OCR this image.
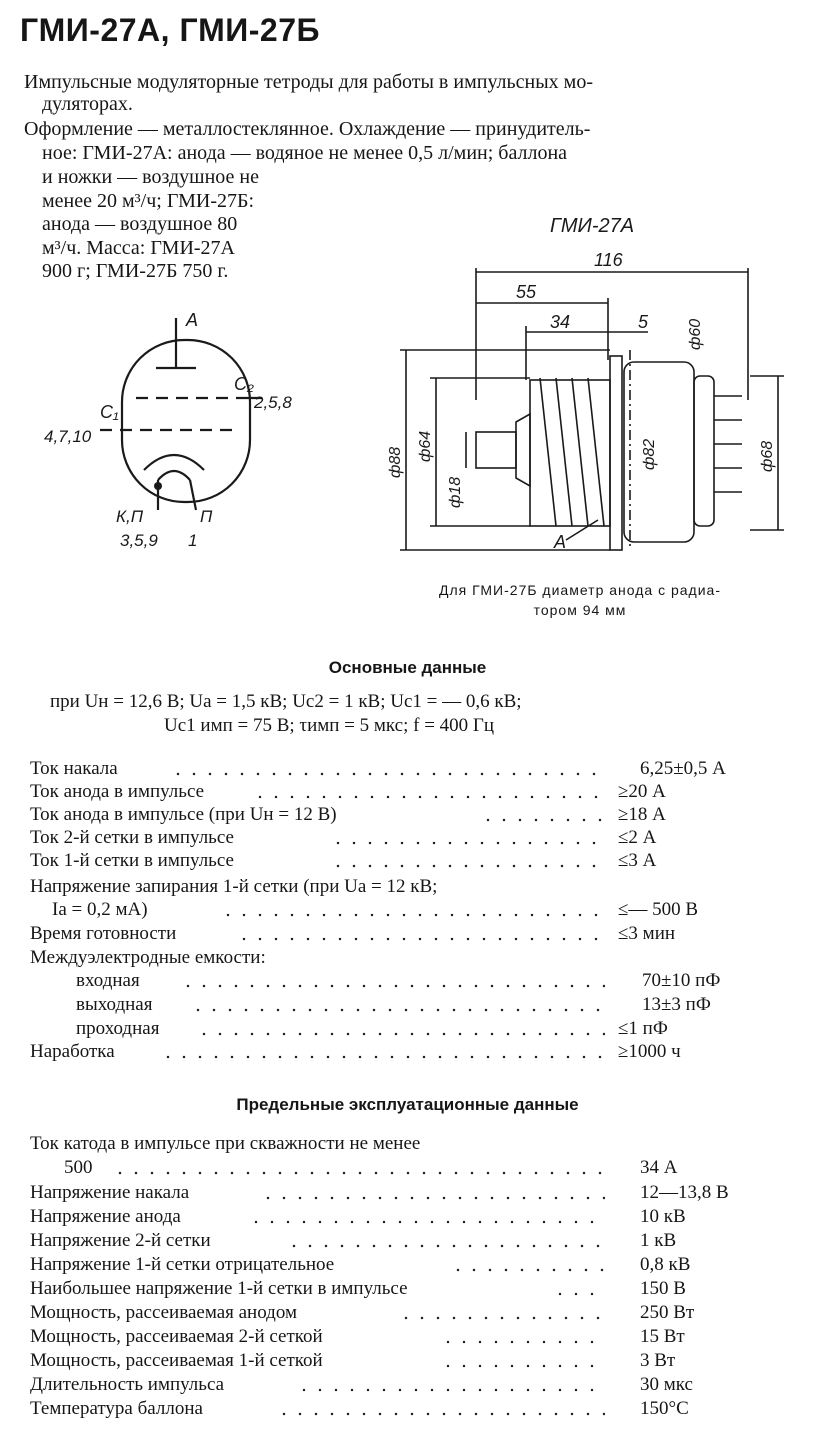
ГМИ-27А, ГМИ-27Б
Импульсные модуляторные тетроды для работы в импульсных мо-
дуляторах.
Оформление — металлостеклянное. Охлаждение — принудитель-
ное: ГМИ-27А: анода — водяное не менее 0,5 л/мин; баллона
и ножки — воздушное не
менее 20 м³/ч; ГМИ-27Б:
анода — воздушное 80
м³/ч. Масса: ГМИ-27А
900 г; ГМИ-27Б 750 г.
А
С₂
2,5,8
С₁
4,7,10
К,П	П
3,5,9 1
ГМИ-27А
116
55
34	5 ф60
ф88
ф64
ф18
ф82	ф68
А
Для ГМИ-27Б диаметр анода с радиа-
тором 94 мм
Основные данные
при Uн = 12,6 В; Uа = 1,5 кВ; Uс2 = 1 кВ; Uс1 = — 0,6 кВ;
Uс1 имп = 75 В; τимп = 5 мкс; f = 400 Гц
Ток накала	6,25±0,5 А
Ток анода в импульсе	≥20 А
Ток анода в импульсе (при Uн = 12 В)	≥18 А
Ток 2-й сетки в импульсе	≤2 А
Ток 1-й сетки в импульсе	≤3 А
Напряжение запирания 1-й сетки (при Uа = 12 кВ;
Iа = 0,2 мА)	≤— 500 В
Время готовности	≤3 мин
Междуэлектродные емкости:
входная	70±10 пФ
выходная	13±3 пФ
проходная	≤1 пФ
Наработка	≥1000 ч
Предельные эксплуатационные данные
Ток катода в импульсе при скважности не менее
500	34 А
Напряжение накала	12—13,8 В
Напряжение анода	10 кВ
Напряжение 2-й сетки	1 кВ
Напряжение 1-й сетки отрицательное	0,8 кВ
Наибольшее напряжение 1-й сетки в импульсе	150 В
Мощность, рассеиваемая анодом	250 Вт
Мощность, рассеиваемая 2-й сеткой	15 Вт
Мощность, рассеиваемая 1-й сеткой	3 Вт
Длительность импульса	30 мкс
Температура баллона	150°С
